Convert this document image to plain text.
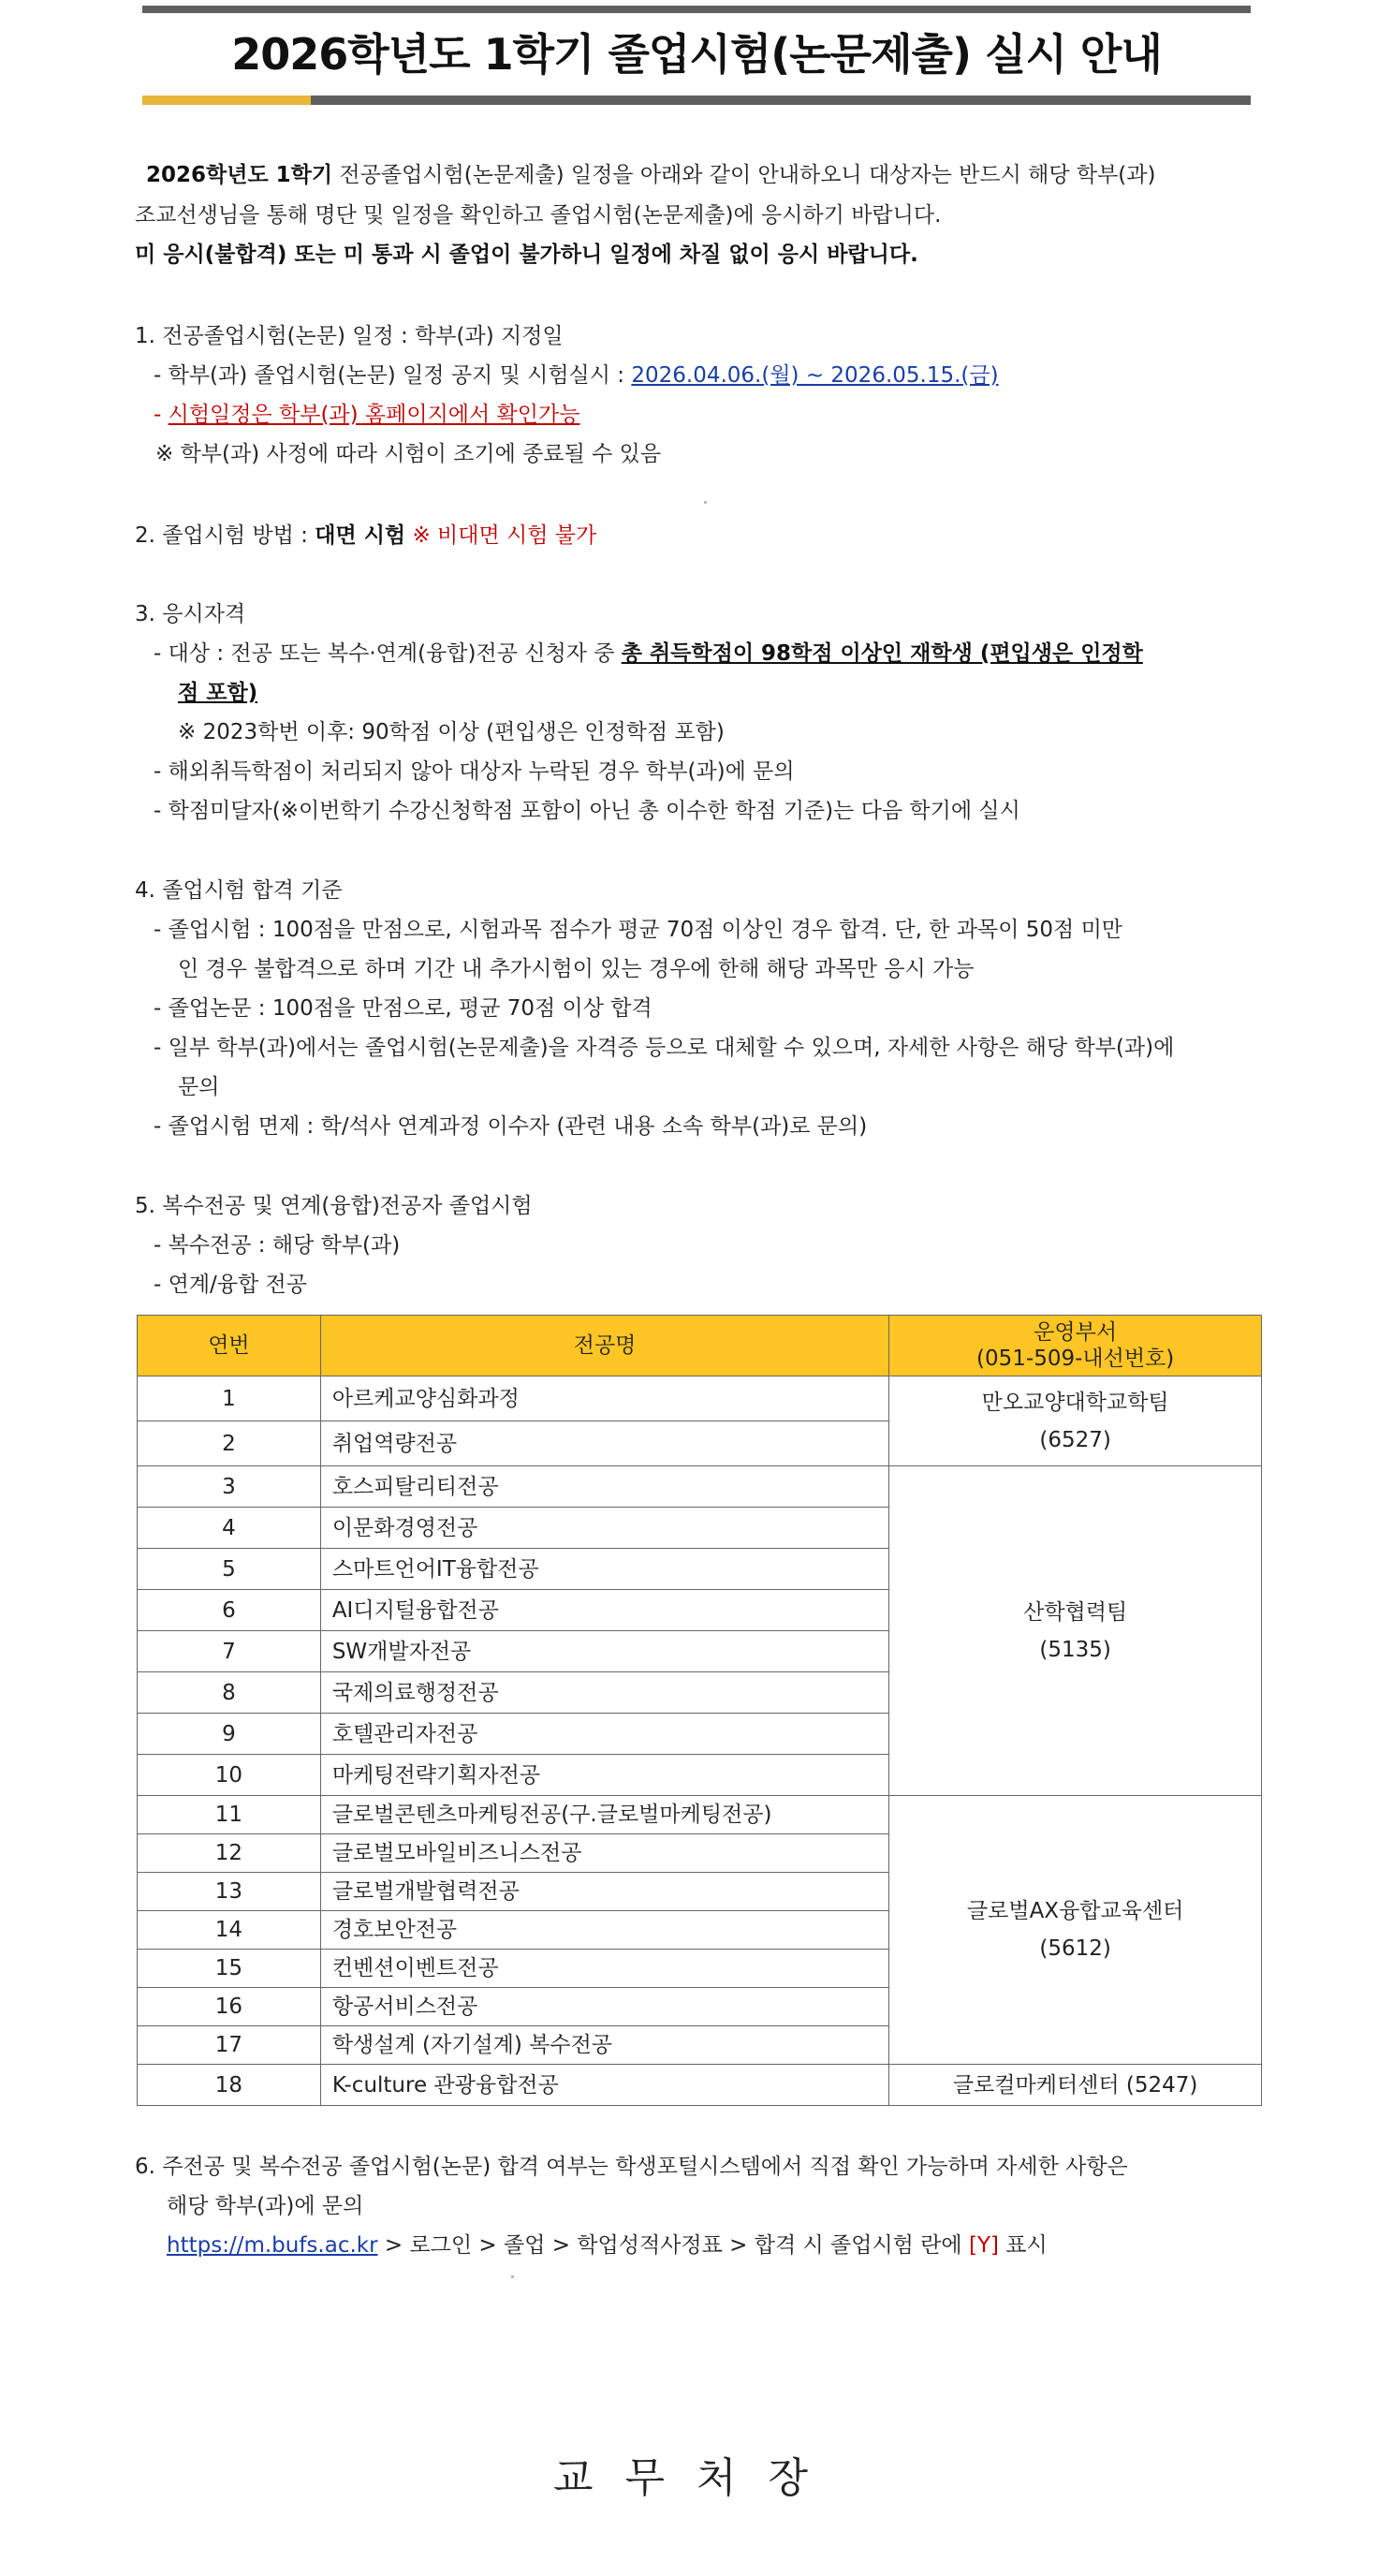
2026학년도 1학기 졸업시험(논문제출) 실시 안내
2026학년도 1학기 전공졸업시험(논문제출) 일정을 아래와 같이 안내하오니 대상자는 반드시 해당 학부(과)
조교선생님을 통해 명단 및 일정을 확인하고 졸업시험(논문제출)에 응시하기 바랍니다.
미 응시(불합격) 또는 미 통과 시 졸업이 불가하니 일정에 차질 없이 응시 바랍니다.
1. 전공졸업시험(논문) 일정 : 학부(과) 지정일
- 학부(과) 졸업시험(논문) 일정 공지 및 시험실시 : 2026.04.06.(월) ~ 2026.05.15.(금)
- 시험일정은 학부(과) 홈페이지에서 확인가능
※ 학부(과) 사정에 따라 시험이 조기에 종료될 수 있음
2. 졸업시험 방법 : 대면 시험 ※ 비대면 시험 불가
3. 응시자격
- 대상 : 전공 또는 복수·연계(융합)전공 신청자 중 총 취득학점이 98학점 이상인 재학생 (편입생은 인정학
점 포함)
※ 2023학번 이후: 90학점 이상 (편입생은 인정학점 포함)
- 해외취득학점이 처리되지 않아 대상자 누락된 경우 학부(과)에 문의
- 학점미달자(※이번학기 수강신청학점 포함이 아닌 총 이수한 학점 기준)는 다음 학기에 실시
4. 졸업시험 합격 기준
- 졸업시험 : 100점을 만점으로, 시험과목 점수가 평균 70점 이상인 경우 합격. 단, 한 과목이 50점 미만
인 경우 불합격으로 하며 기간 내 추가시험이 있는 경우에 한해 해당 과목만 응시 가능
- 졸업논문 : 100점을 만점으로, 평균 70점 이상 합격
- 일부 학부(과)에서는 졸업시험(논문제출)을 자격증 등으로 대체할 수 있으며, 자세한 사항은 해당 학부(과)에
문의
- 졸업시험 면제 : 학/석사 연계과정 이수자 (관련 내용 소속 학부(과)로 문의)
5. 복수전공 및 연계(융합)전공자 졸업시험
- 복수전공 : 해당 학부(과)
- 연계/융합 전공
연번	전공명	운영부서
(051-509-내선번호)

1	아르케교양심화과정	만오교양대학교학팀
(6527)

2	취업역량전공	
3	호스피탈리티전공	산학협력팀
(5135)

4	이문화경영전공	
5	스마트언어IT융합전공	
6	AI디지털융합전공	
7	SW개발자전공	
8	국제의료행정전공	
9	호텔관리자전공	
10	마케팅전략기획자전공	
11	글로벌콘텐츠마케팅전공(구.글로벌마케팅전공)	글로벌AX융합교육센터
(5612)

12	글로벌모바일비즈니스전공	
13	글로벌개발협력전공	
14	경호보안전공	
15	컨벤션이벤트전공	
16	항공서비스전공	
17	학생설계 (자기설계) 복수전공	
18	K-culture 관광융합전공	글로컬마케터센터 (5247)
6. 주전공 및 복수전공 졸업시험(논문) 합격 여부는 학생포털시스템에서 직접 확인 가능하며 자세한 사항은
해당 학부(과)에 문의
https://m.bufs.ac.kr > 로그인 > 졸업 > 학업성적사정표 > 합격 시 졸업시험 란에 [Y] 표시
교무처장
